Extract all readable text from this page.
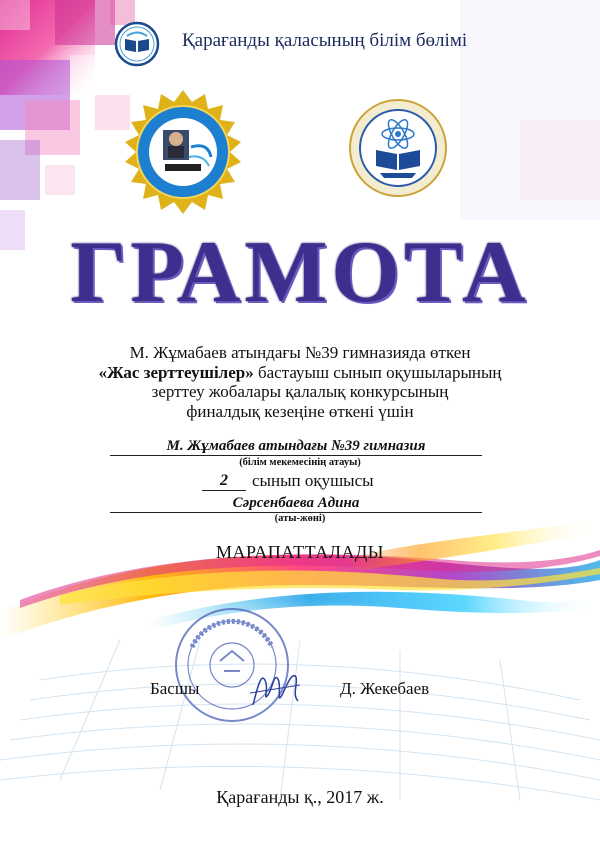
Қарағанды қаласының білім бөлімі
ГРАМОТА
М. Жұмабаев атындағы №39 гимназияда өткен
«Жас зерттеушілер» бастауыш сынып оқушыларының
зерттеу жобалары қалалық конкурсының
финалдық кезеңіне өткені үшін
М. Жұмабаев атындағы №39 гимназия
(білім мекемесінің атауы)
2	сынып оқушысы
Сәрсенбаева Адина
(аты-жөні)
МАРАПАТТАЛАДЫ
Басшы	Д. Жекебаев
Қарағанды қ., 2017 ж.
